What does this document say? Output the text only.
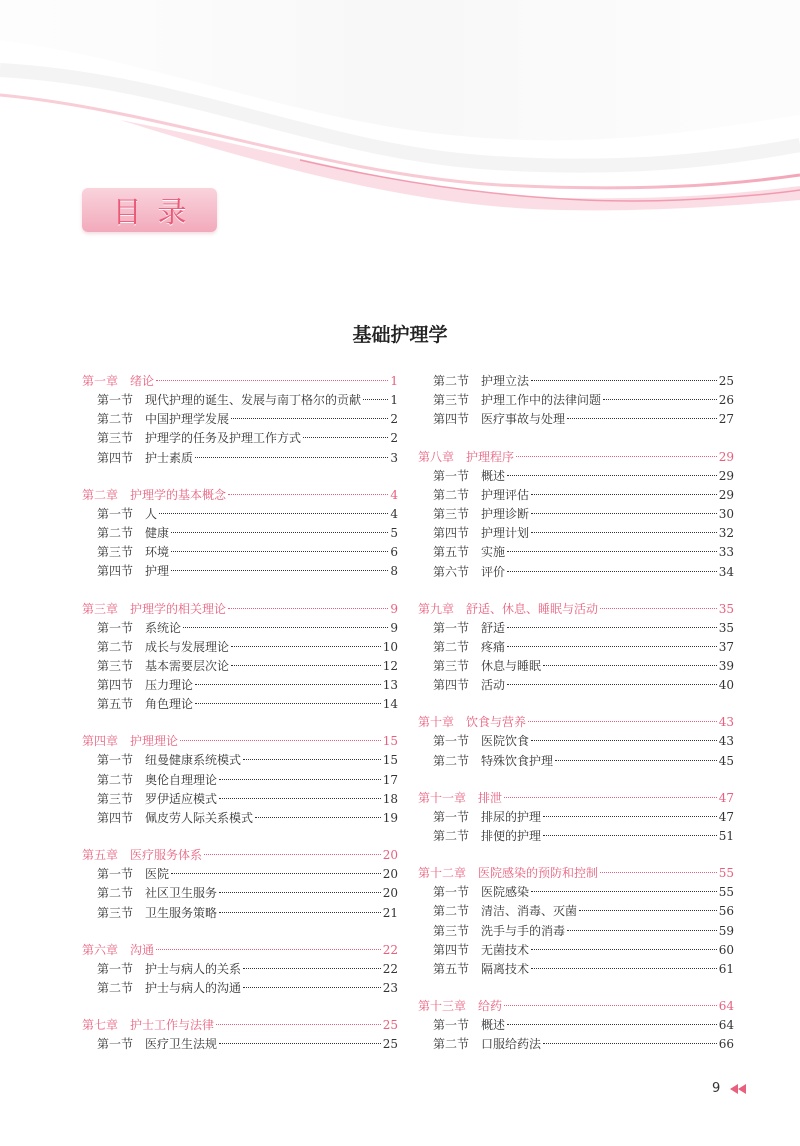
目录
基础护理学
第一章 绪论	1
第一节 现代护理的诞生、发展与南丁格尔的贡献 1
第二节 中国护理学发展	2
第三节 护理学的任务及护理工作方式	2
第四节 护士素质	3
第二章 护理学的基本概念	4
第一节 人	4
第二节 健康	5
第三节 环境	6
第四节 护理	8
第三章 护理学的相关理论	9
第一节 系统论	9
第二节 成长与发展理论	10
第三节 基本需要层次论	12
第四节 压力理论	13
第五节 角色理论	14
第四章 护理理论	15
第一节 纽曼健康系统模式	15
第二节 奥伦自理理论	17
第三节 罗伊适应模式	18
第四节 佩皮劳人际关系模式	19
第五章 医疗服务体系	20
第一节 医院	20
第二节 社区卫生服务	20
第三节 卫生服务策略	21
第六章 沟通	22
第一节 护士与病人的关系	22
第二节 护士与病人的沟通	23
第七章 护士工作与法律	25
第一节 医疗卫生法规	25
第二节 护理立法	25
第三节 护理工作中的法律问题	26
第四节 医疗事故与处理	27
第八章 护理程序	29
第一节 概述	29
第二节 护理评估	29
第三节 护理诊断	30
第四节 护理计划	32
第五节 实施	33
第六节 评价	34
第九章 舒适、休息、睡眠与活动	35
第一节 舒适	35
第二节 疼痛	37
第三节 休息与睡眠	39
第四节 活动	40
第十章 饮食与营养	43
第一节 医院饮食	43
第二节 特殊饮食护理	45
第十一章 排泄	47
第一节 排尿的护理	47
第二节 排便的护理	51
第十二章 医院感染的预防和控制	55
第一节 医院感染	55
第二节 清洁、消毒、灭菌	56
第三节 洗手与手的消毒	59
第四节 无菌技术	60
第五节 隔离技术	61
第十三章 给药	64
第一节 概述	64
第二节 口服给药法	66
9
